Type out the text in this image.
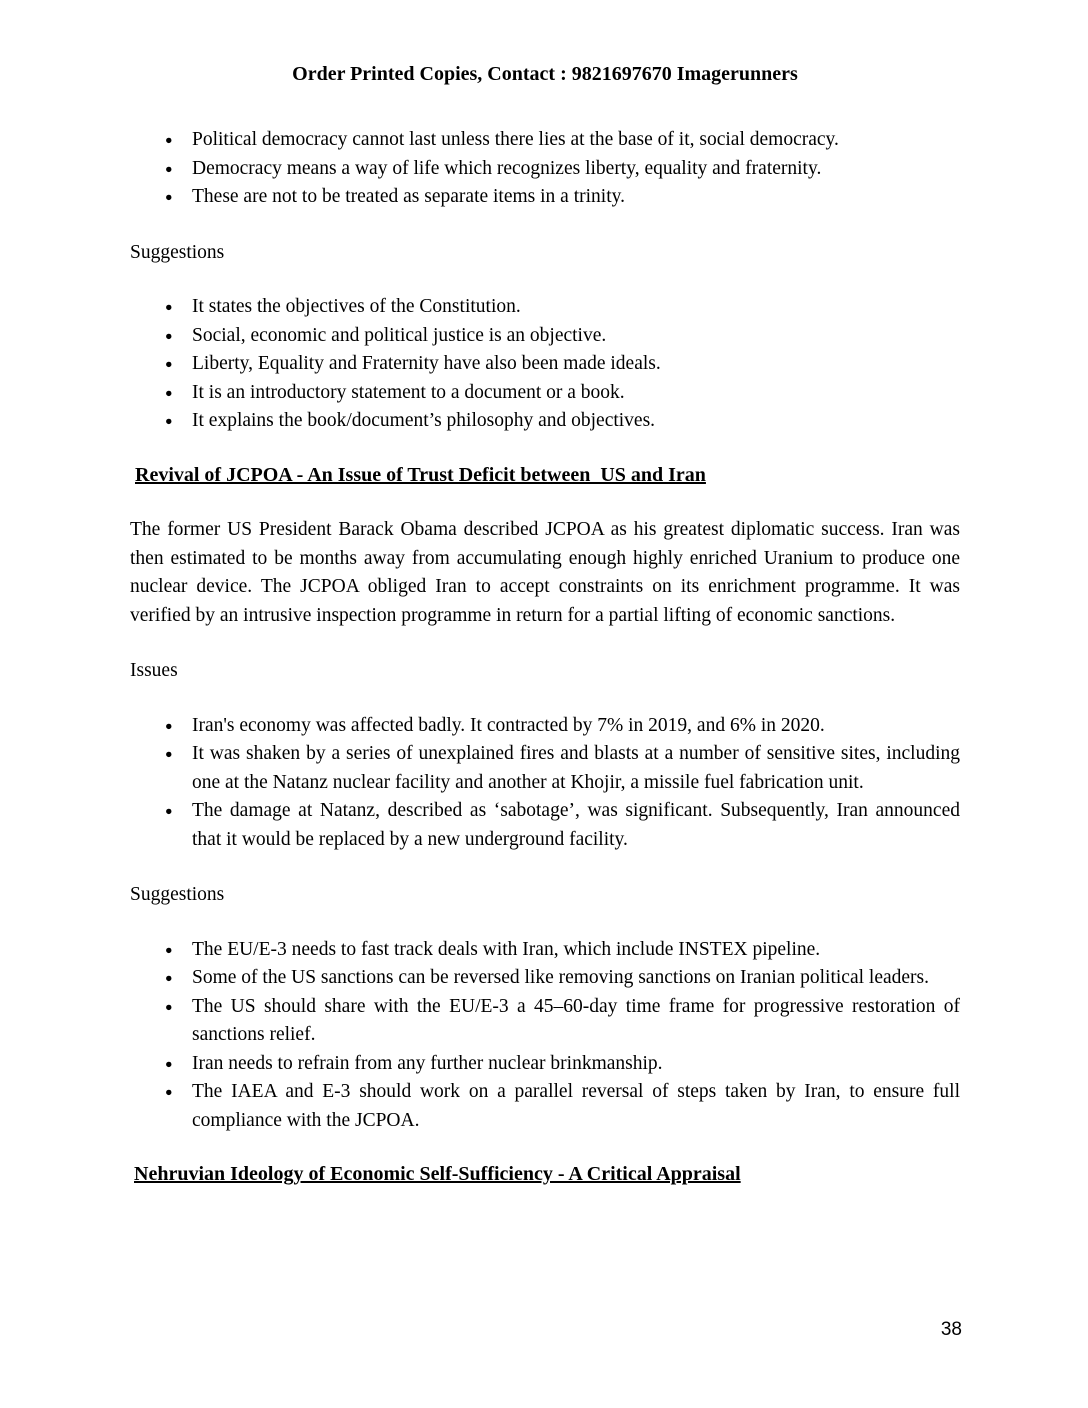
Order Printed Copies, Contact : 9821697670 Imagerunners
● Political democracy cannot last unless there lies at the base of it, social democracy.
● Democracy means a way of life which recognizes liberty, equality and fraternity.
● These are not to be treated as separate items in a trinity.
Suggestions
● It states the objectives of the Constitution.
● Social, economic and political justice is an objective.
● Liberty, Equality and Fraternity have also been made ideals.
● It is an introductory statement to a document or a book.
● It explains the book/document’s philosophy and objectives.
Revival of JCPOA - An Issue of Trust Deficit between  US and Iran

The former US President Barack Obama described JCPOA as his greatest diplomatic success. Iran was then estimated to be months away from accumulating enough highly enriched Uranium to produce one nuclear device. The JCPOA obliged Iran to accept constraints on its enrichment programme. It was verified by an intrusive inspection programme in return for a partial lifting of economic sanctions.

Issues
● Iran's economy was affected badly. It contracted by 7% in 2019, and 6% in 2020.
● It was shaken by a series of unexplained fires and blasts at a number of sensitive sites, including one at the Natanz nuclear facility and another at Khojir, a missile fuel fabrication unit.
● The damage at Natanz, described as ‘sabotage’, was significant. Subsequently, Iran announced that it would be replaced by a new underground facility.
Suggestions
● The EU/E-3 needs to fast track deals with Iran, which include INSTEX pipeline.
● Some of the US sanctions can be reversed like removing sanctions on Iranian political leaders.
● The US should share with the EU/E-3 a 45–60-day time frame for progressive restoration of sanctions relief.
● Iran needs to refrain from any further nuclear brinkmanship.
● The IAEA and E-3 should work on a parallel reversal of steps taken by Iran, to ensure full compliance with the JCPOA.
Nehruvian Ideology of Economic Self-Sufficiency - A Critical Appraisal
38
